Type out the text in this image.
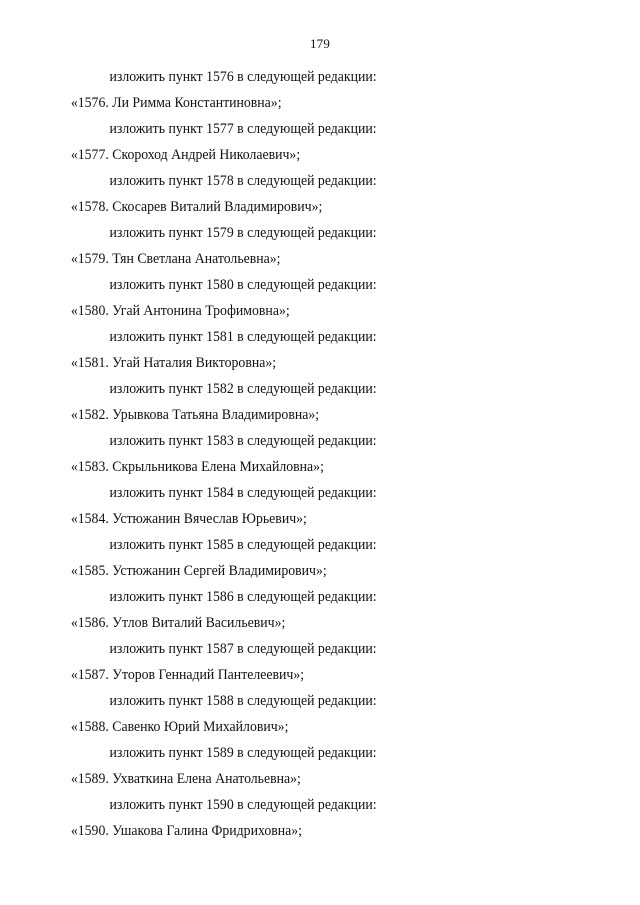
179
изложить пункт 1576 в следующей редакции:
«1576. Ли Римма Константиновна»;
изложить пункт 1577 в следующей редакции:
«1577. Скороход Андрей Николаевич»;
изложить пункт 1578 в следующей редакции:
«1578. Скосарев Виталий Владимирович»;
изложить пункт 1579 в следующей редакции:
«1579. Тян Светлана Анатольевна»;
изложить пункт 1580 в следующей редакции:
«1580. Угай Антонина Трофимовна»;
изложить пункт 1581 в следующей редакции:
«1581. Угай Наталия Викторовна»;
изложить пункт 1582 в следующей редакции:
«1582. Урывкова Татьяна Владимировна»;
изложить пункт 1583 в следующей редакции:
«1583. Скрыльникова Елена Михайловна»;
изложить пункт 1584 в следующей редакции:
«1584. Устюжанин Вячеслав Юрьевич»;
изложить пункт 1585 в следующей редакции:
«1585. Устюжанин Сергей Владимирович»;
изложить пункт 1586 в следующей редакции:
«1586. Утлов Виталий Васильевич»;
изложить пункт 1587 в следующей редакции:
«1587. Уторов Геннадий Пантелеевич»;
изложить пункт 1588 в следующей редакции:
«1588. Савенко Юрий Михайлович»;
изложить пункт 1589 в следующей редакции:
«1589. Ухваткина Елена Анатольевна»;
изложить пункт 1590 в следующей редакции:
«1590. Ушакова Галина Фридриховна»;
